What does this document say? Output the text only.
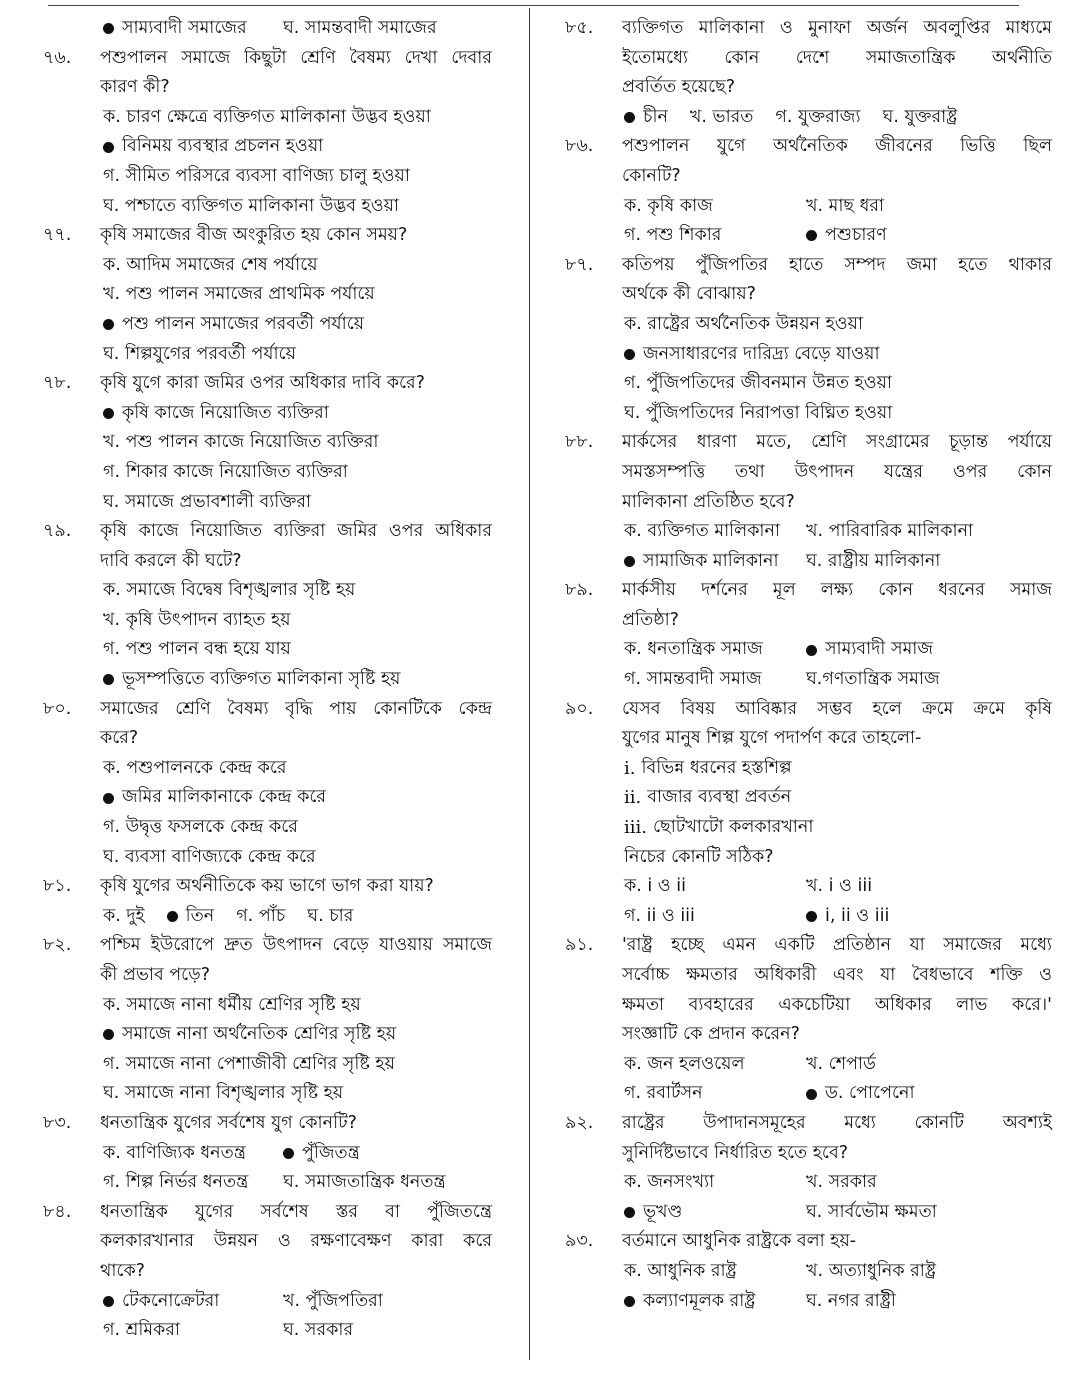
সাম্যবাদী সমাজের ঘ. সামন্তবাদী সমাজের
৭৬.	পশুপালন সমাজে কিছুটা শ্রেণি বৈষম্য দেখা দেবার
কারণ কী?
ক. চারণ ক্ষেত্রে ব্যক্তিগত মালিকানা উদ্ভব হওয়া
বিনিময় ব্যবস্থার প্রচলন হওয়া
গ. সীমিত পরিসরে ব্যবসা বাণিজ্য চালু হওয়া
ঘ. পশ্চাতে ব্যক্তিগত মালিকানা উদ্ভব হওয়া
৭৭.	কৃষি সমাজের বীজ অংকুরিত হয় কোন সময়?
ক. আদিম সমাজের শেষ পর্যায়ে
খ. পশু পালন সমাজের প্রাথমিক পর্যায়ে
পশু পালন সমাজের পরবর্তী পর্যায়ে
ঘ. শিল্পযুগের পরবর্তী পর্যায়ে
৭৮.	কৃষি যুগে কারা জমির ওপর অধিকার দাবি করে?
কৃষি কাজে নিয়োজিত ব্যক্তিরা
খ. পশু পালন কাজে নিয়োজিত ব্যক্তিরা
গ. শিকার কাজে নিয়োজিত ব্যক্তিরা
ঘ. সমাজে প্রভাবশালী ব্যক্তিরা
৭৯.	কৃষি কাজে নিয়োজিত ব্যক্তিরা জমির ওপর অধিকার
দাবি করলে কী ঘটে?
ক. সমাজে বিদ্বেষ বিশৃঙ্খলার সৃষ্টি হয়
খ. কৃষি উৎপাদন ব্যাহত হয়
গ. পশু পালন বন্ধ হয়ে যায়
ভূসম্পত্তিতে ব্যক্তিগত মালিকানা সৃষ্টি হয়
৮০.	সমাজের শ্রেণি বৈষম্য বৃদ্ধি পায় কোনটিকে কেন্দ্র
করে?
ক. পশুপালনকে কেন্দ্র করে
জমির মালিকানাকে কেন্দ্র করে
গ. উদ্বৃত্ত ফসলকে কেন্দ্র করে
ঘ. ব্যবসা বাণিজ্যকে কেন্দ্র করে
৮১.	কৃষি যুগের অর্থনীতিকে কয় ভাগে ভাগ করা যায়?
ক. দুই তিন গ. পাঁচ ঘ. চার
৮২.	পশ্চিম ইউরোপে দ্রুত উৎপাদন বেড়ে যাওয়ায় সমাজে
কী প্রভাব পড়ে?
ক. সমাজে নানা ধর্মীয় শ্রেণির সৃষ্টি হয়
সমাজে নানা অর্থনৈতিক শ্রেণির সৃষ্টি হয়
গ. সমাজে নানা পেশাজীবী শ্রেণির সৃষ্টি হয়
ঘ. সমাজে নানা বিশৃঙ্খলার সৃষ্টি হয়
৮৩.	ধনতান্ত্রিক যুগের সর্বশেষ যুগ কোনটি?
ক. বাণিজ্যিক ধনতন্ত্র	পুঁজিতন্ত্র
গ. শিল্প নির্ভর ধনতন্ত্র ঘ. সমাজতান্ত্রিক ধনতন্ত্র
৮৪.	ধনতান্ত্রিক যুগের সর্বশেষ স্তর বা পুঁজিতন্ত্রে
কলকারখানার উন্নয়ন ও রক্ষণাবেক্ষণ কারা করে
থাকে?
টেকনোক্রেটরা	খ. পুঁজিপতিরা
গ. শ্রমিকরা	ঘ. সরকার
৮৫.	ব্যক্তিগত মালিকানা ও মুনাফা অর্জন অবলুপ্তির মাধ্যমে
ইতোমধ্যে কোন দেশে সমাজতান্ত্রিক অর্থনীতি
প্রবর্তিত হয়েছে?
চীন খ. ভারত গ. যুক্তরাজ্য ঘ. যুক্তরাষ্ট্র
৮৬.	পশুপালন যুগে অর্থনৈতিক জীবনের ভিত্তি ছিল
কোনটি?
ক. কৃষি কাজ	খ. মাছ ধরা
গ. পশু শিকার	পশুচারণ
৮৭.	কতিপয় পুঁজিপতির হাতে সম্পদ জমা হতে থাকার
অর্থকে কী বোঝায়?
ক. রাষ্ট্রের অর্থনৈতিক উন্নয়ন হওয়া
জনসাধারণের দারিদ্র্য বেড়ে যাওয়া
গ. পুঁজিপতিদের জীবনমান উন্নত হওয়া
ঘ. পুঁজিপতিদের নিরাপত্তা বিঘ্নিত হওয়া
৮৮.	মার্কসের ধারণা মতে, শ্রেণি সংগ্রামের চূড়ান্ত পর্যায়ে
সমস্তসম্পত্তি তথা উৎপাদন যন্ত্রের ওপর কোন
মালিকানা প্রতিষ্ঠিত হবে?
ক. ব্যক্তিগত মালিকানা খ. পারিবারিক মালিকানা
সামাজিক মালিকানা ঘ. রাষ্ট্রীয় মালিকানা
৮৯.	মার্কসীয় দর্শনের মূল লক্ষ্য কোন ধরনের সমাজ
প্রতিষ্ঠা?
ক. ধনতান্ত্রিক সমাজ	সাম্যবাদী সমাজ
গ. সামন্তবাদী সমাজ	ঘ.গণতান্ত্রিক সমাজ
৯০.	যেসব বিষয় আবিষ্কার সম্ভব হলে ক্রমে ক্রমে কৃষি
যুগের মানুষ শিল্প যুগে পদার্পণ করে তাহলো-
i. বিভিন্ন ধরনের হস্তশিল্প
ii. বাজার ব্যবস্থা প্রবর্তন
iii. ছোটখাটো কলকারখানা
নিচের কোনটি সঠিক?
ক. i ও ii	খ. i ও iii
গ. ii ও iii	i, ii ও iii
৯১.	'রাষ্ট্র হচ্ছে এমন একটি প্রতিষ্ঠান যা সমাজের মধ্যে
সর্বোচ্চ ক্ষমতার অধিকারী এবং যা বৈধভাবে শক্তি ও
ক্ষমতা ব্যবহারের একচেটিয়া অধিকার লাভ করে।'
সংজ্ঞাটি কে প্রদান করেন?
ক. জন হলওয়েল	খ. শেপার্ড
গ. রবার্টসন	ড. পোপেনো
৯২.	রাষ্ট্রের উপাদানসমূহের মধ্যে কোনটি অবশ্যই
সুনির্দিষ্টভাবে নির্ধারিত হতে হবে?
ক. জনসংখ্যা	খ. সরকার
ভূখণ্ড	ঘ. সার্বভৌম ক্ষমতা
৯৩.	বর্তমানে আধুনিক রাষ্ট্রকে বলা হয়-
ক. আধুনিক রাষ্ট্র	খ. অত্যাধুনিক রাষ্ট্র
কল্যাণমূলক রাষ্ট্র	ঘ. নগর রাষ্ট্রী
